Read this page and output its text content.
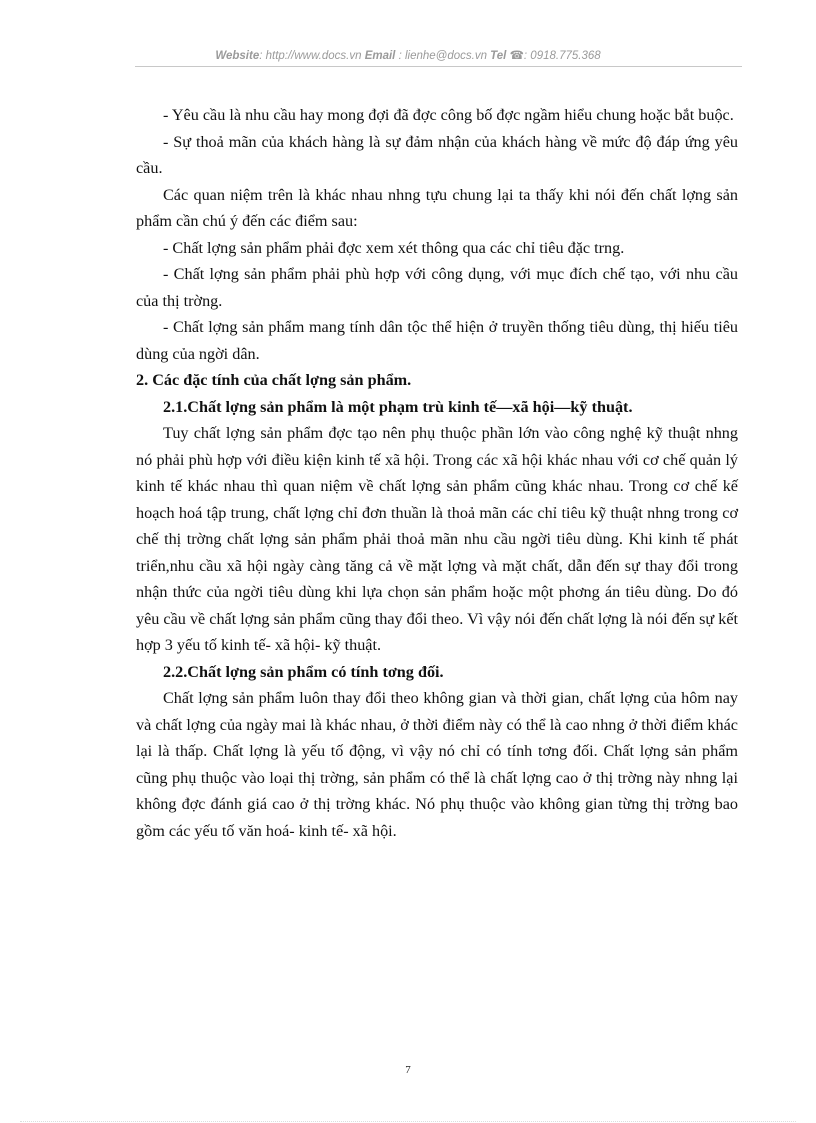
Website: http://www.docs.vn Email : lienhe@docs.vn Tel ☎: 0918.775.368

- Yêu cầu là nhu cầu hay mong đợi đã đợc công bố đợc ngầm hiểu chung hoặc bắt buộc.

- Sự thoả mãn của khách hàng là sự đảm nhận của khách hàng về mức độ đáp ứng yêu cầu.

Các quan niệm trên là khác nhau nhng tựu chung lại ta thấy khi nói đến chất lợng sản phẩm cần chú ý đến các điểm sau:

- Chất lợng sản phẩm phải đợc xem xét thông qua các chỉ tiêu đặc trng.

- Chất lợng sản phẩm phải phù hợp với công dụng, với mục đích chế tạo, với nhu cầu của thị trờng.

- Chất lợng sản phẩm mang tính dân tộc thể hiện ở truyền thống tiêu dùng, thị hiếu tiêu dùng của ngời dân.

2. Các đặc tính của chất lợng sản phẩm.

2.1.Chất lợng sản phẩm là một phạm trù kinh tế—xã hội—kỹ thuật.

Tuy chất lợng sản phẩm đợc tạo nên phụ thuộc phần lớn vào công nghệ kỹ thuật nhng nó phải phù hợp với điều kiện kinh tế xã hội. Trong các xã hội khác nhau với cơ chế quản lý kinh tế khác nhau thì quan niệm về chất lợng sản phẩm cũng khác nhau. Trong cơ chế kế hoạch hoá tập trung, chất lợng chỉ đơn thuần là thoả mãn các chỉ tiêu kỹ thuật nhng trong cơ chế thị trờng chất lợng sản phẩm phải thoả mãn nhu cầu ngời tiêu dùng. Khi kinh tế phát triển,nhu cầu xã hội ngày càng tăng cả về mặt lợng và mặt chất, dẫn đến sự thay đổi trong nhận thức của ngời tiêu dùng khi lựa chọn sản phẩm hoặc một phơng án tiêu dùng. Do đó yêu cầu về chất lợng sản phẩm cũng thay đổi theo. Vì vậy nói đến chất lợng là nói đến sự kết hợp 3 yếu tố kinh tế- xã hội- kỹ thuật.

2.2.Chất lợng sản phẩm có tính tơng đối.

Chất lợng sản phẩm luôn thay đổi theo không gian và thời gian, chất lợng của hôm nay và chất lợng của ngày mai là khác nhau, ở thời điểm này có thể là cao nhng ở thời điểm khác lại là thấp. Chất lợng là yếu tố động, vì vậy nó chỉ có tính tơng đối. Chất lợng sản phẩm cũng phụ thuộc vào loại thị trờng, sản phẩm có thể là chất lợng cao ở thị trờng này nhng lại không đợc đánh giá cao ở thị trờng khác. Nó phụ thuộc vào không gian từng thị trờng bao gồm các yếu tố văn hoá- kinh tế- xã hội.

7
